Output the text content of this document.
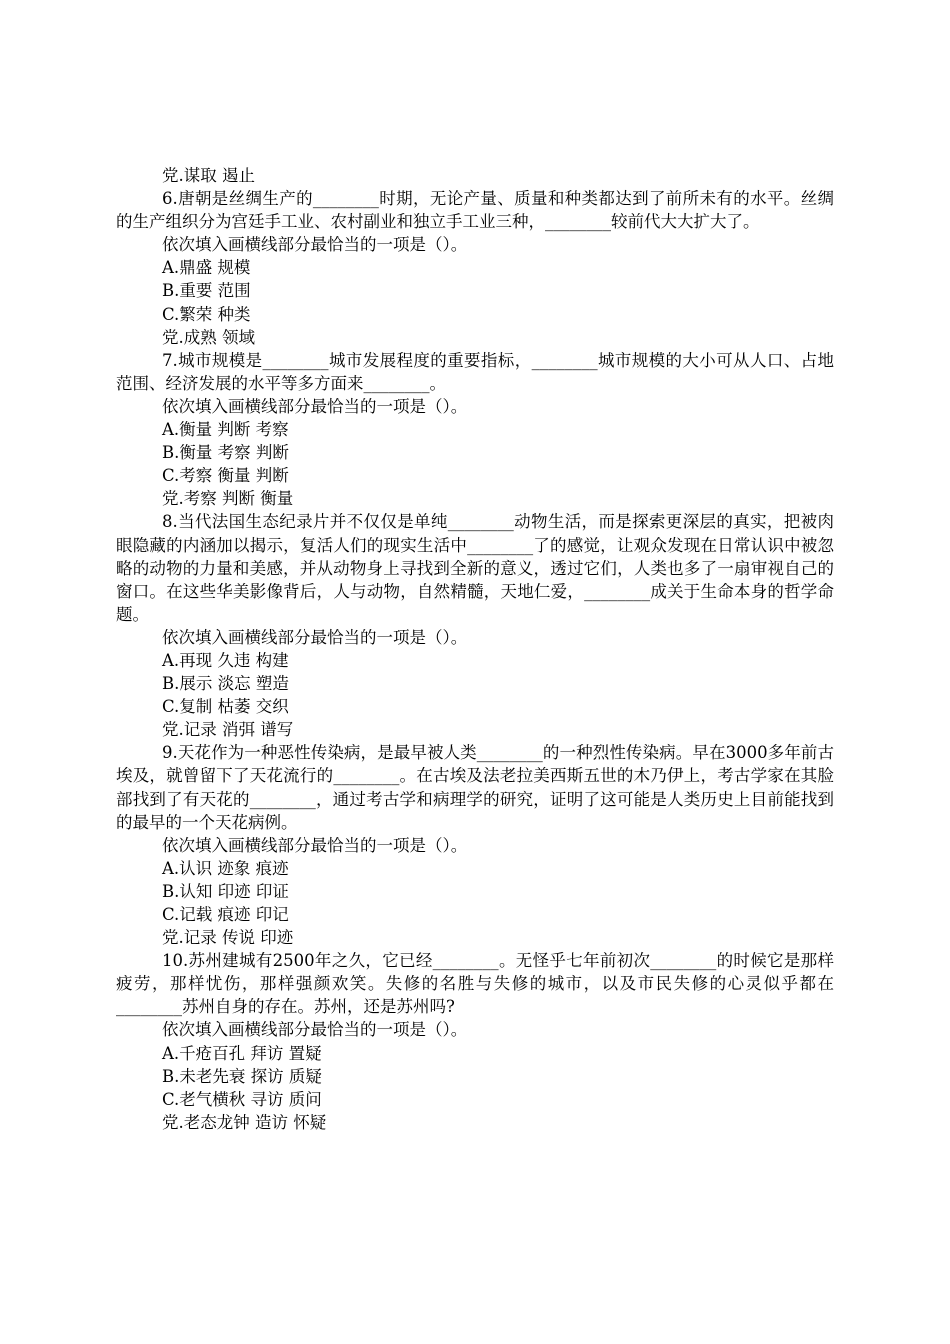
党.谋取 遏止
6.唐朝是丝绸生产的________时期，无论产量、质量和种类都达到了前所未有的水平。丝绸的生产组织分为宫廷手工业、农村副业和独立手工业三种，________较前代大大扩大了。
依次填入画横线部分最恰当的一项是（）。
A.鼎盛 规模
B.重要 范围
C.繁荣 种类
党.成熟 领域
7.城市规模是________城市发展程度的重要指标，________城市规模的大小可从人口、占地范围、经济发展的水平等多方面来________。
依次填入画横线部分最恰当的一项是（）。
A.衡量 判断 考察
B.衡量 考察 判断
C.考察 衡量 判断
党.考察 判断 衡量
8.当代法国生态纪录片并不仅仅是单纯________动物生活，而是探索更深层的真实，把被肉眼隐藏的内涵加以揭示，复活人们的现实生活中________了的感觉，让观众发现在日常认识中被忽略的动物的力量和美感，并从动物身上寻找到全新的意义，透过它们，人类也多了一扇审视自己的窗口。在这些华美影像背后，人与动物，自然精髓，天地仁爱，________成关于生命本身的哲学命题。
依次填入画横线部分最恰当的一项是（）。
A.再现 久违 构建
B.展示 淡忘 塑造
C.复制 枯萎 交织
党.记录 消弭 谱写
9.天花作为一种恶性传染病，是最早被人类________的一种烈性传染病。早在3000多年前古埃及，就曾留下了天花流行的________。在古埃及法老拉美西斯五世的木乃伊上，考古学家在其脸部找到了有天花的________，通过考古学和病理学的研究，证明了这可能是人类历史上目前能找到的最早的一个天花病例。
依次填入画横线部分最恰当的一项是（）。
A.认识 迹象 痕迹
B.认知 印迹 印证
C.记载 痕迹 印记
党.记录 传说 印迹
10.苏州建城有2500年之久，它已经________。无怪乎七年前初次________的时候它是那样疲劳，那样忧伤，那样强颜欢笑。失修的名胜与失修的城市，以及市民失修的心灵似乎都在________苏州自身的存在。苏州，还是苏州吗?
依次填入画横线部分最恰当的一项是（）。
A.千疮百孔 拜访 置疑
B.未老先衰 探访 质疑
C.老气横秋 寻访 质问
党.老态龙钟 造访 怀疑
